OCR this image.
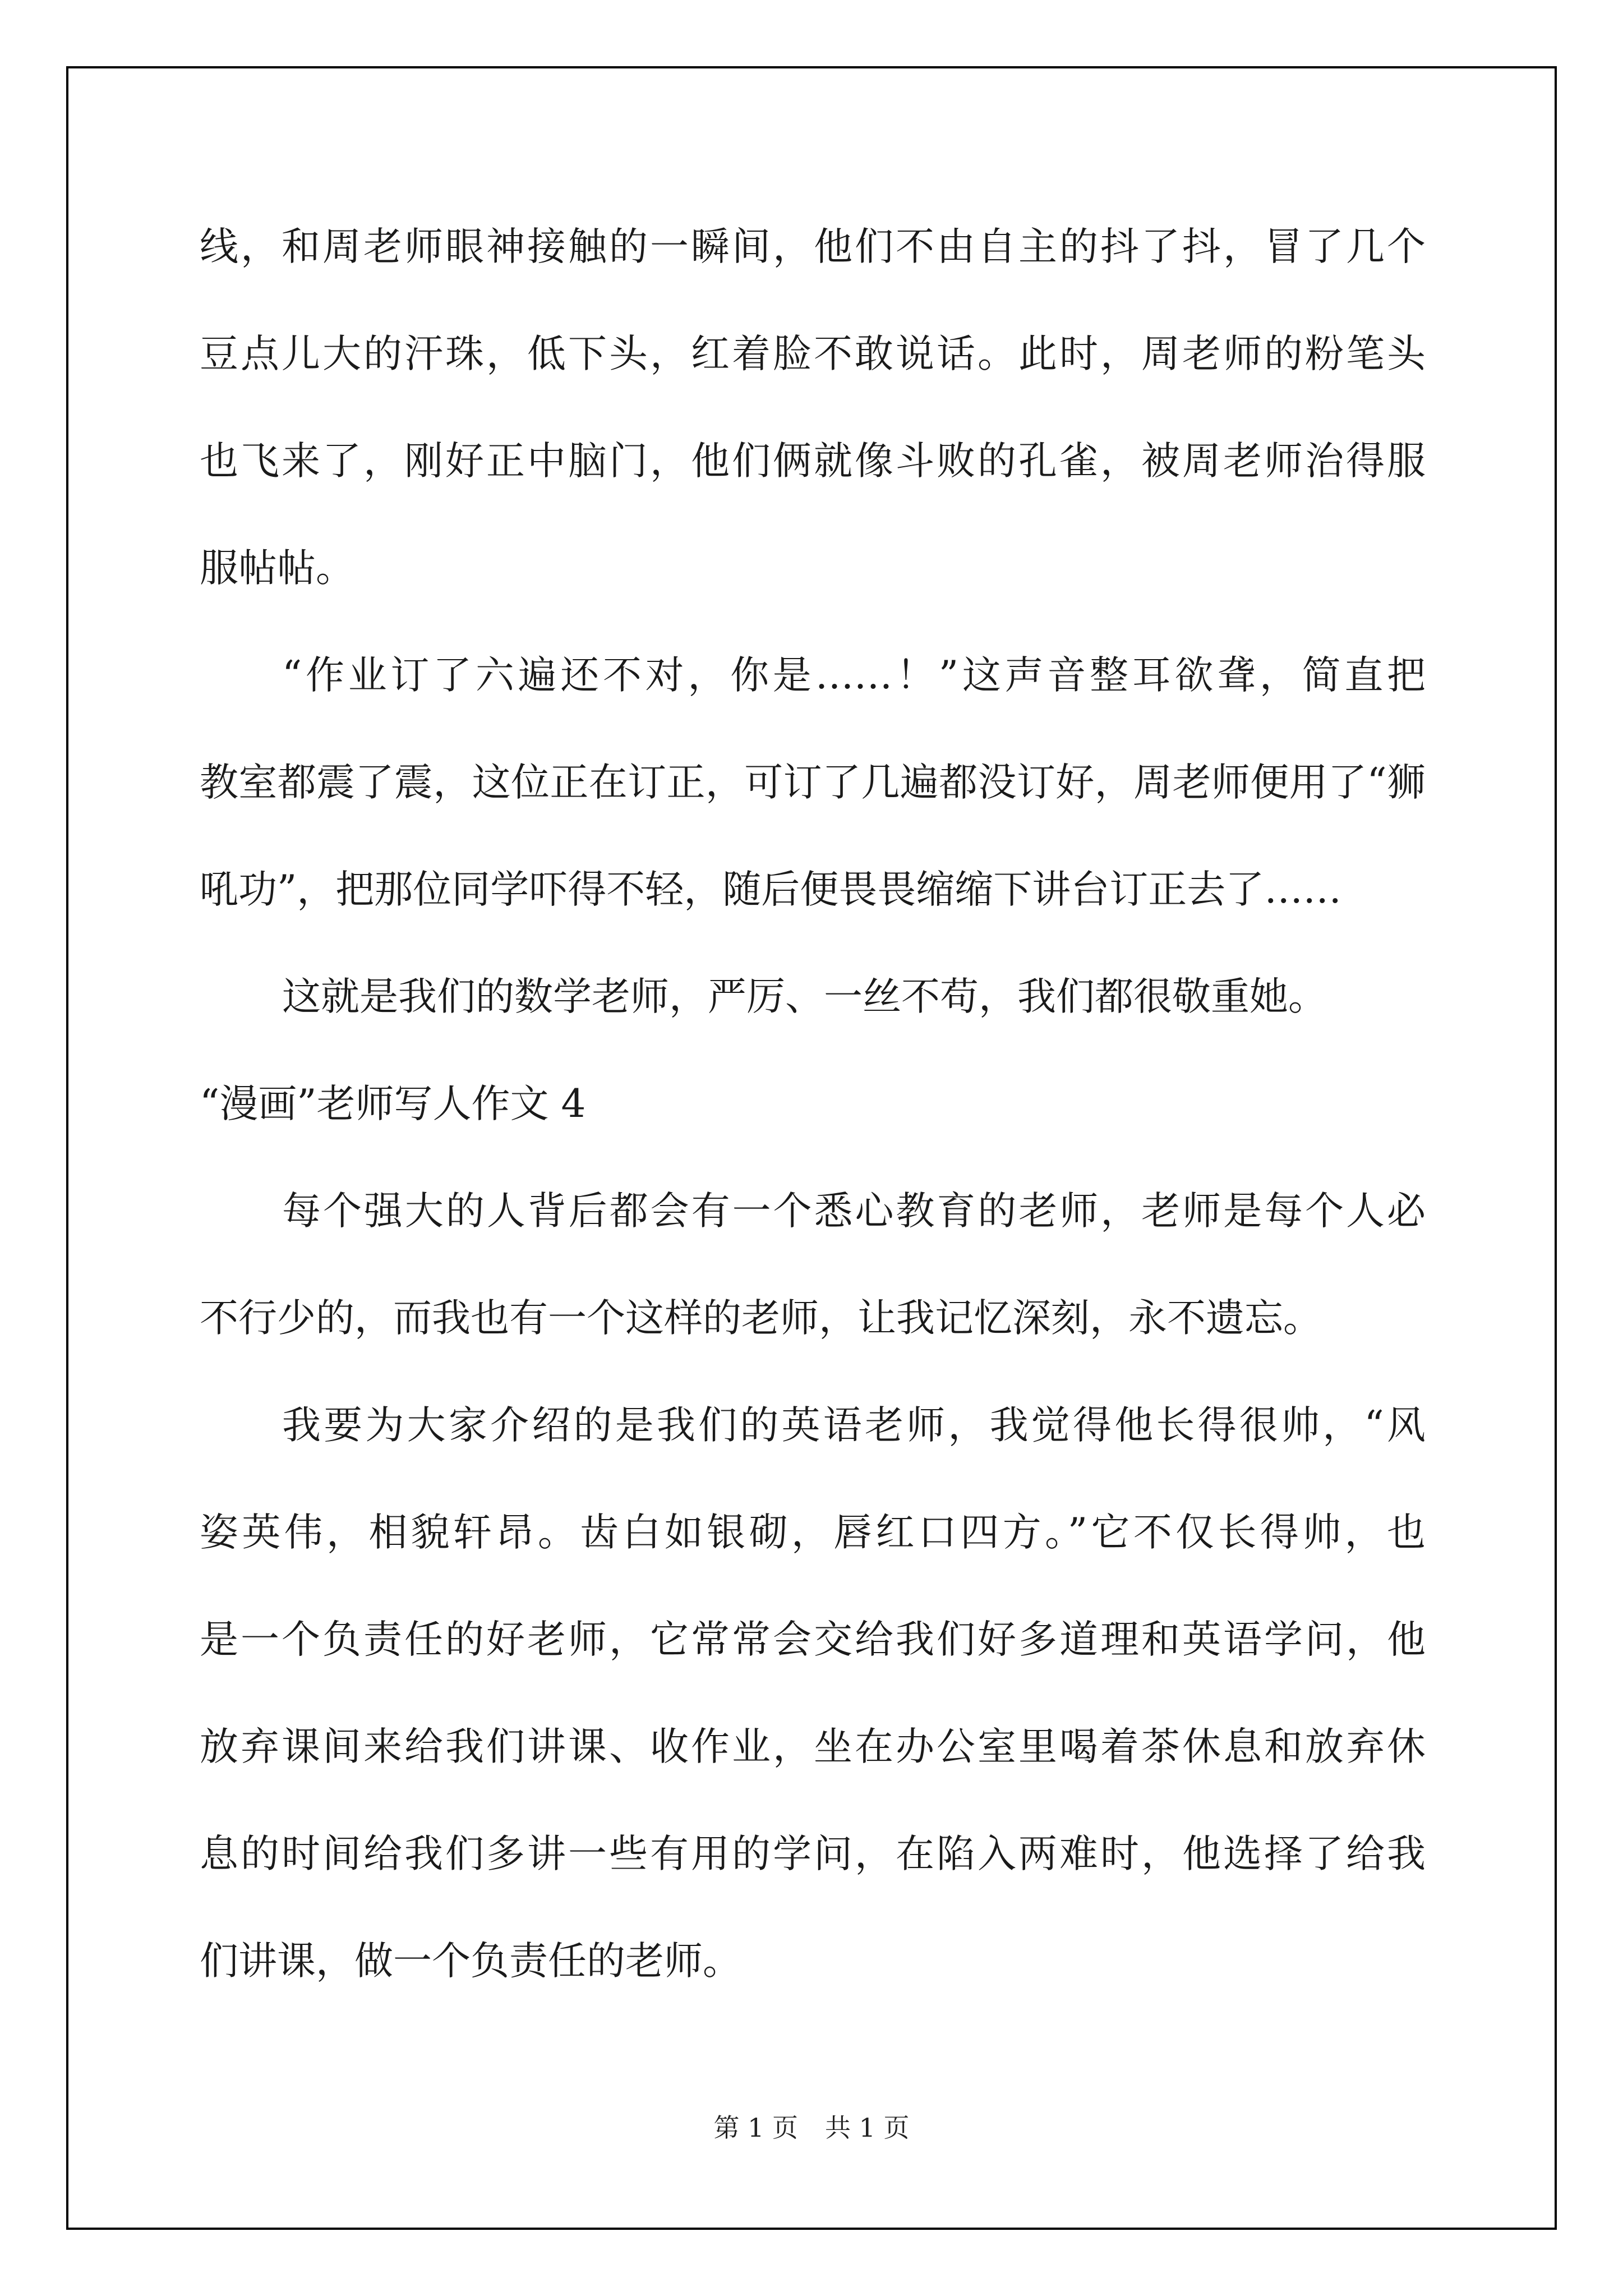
线，和周老师眼神接触的一瞬间，他们不由自主的抖了抖，冒了几个
豆点儿大的汗珠，低下头，红着脸不敢说话。此时，周老师的粉笔头
也飞来了，刚好正中脑门，他们俩就像斗败的孔雀，被周老师治得服
服帖帖。
“作业订了六遍还不对，你是……！”这声音整耳欲聋，简直把
教室都震了震，这位正在订正，可订了几遍都没订好，周老师便用了“狮
吼功”，把那位同学吓得不轻，随后便畏畏缩缩下讲台订正去了……
这就是我们的数学老师，严厉、一丝不苟，我们都很敬重她。
“漫画”老师写人作文 4
每个强大的人背后都会有一个悉心教育的老师，老师是每个人必
不行少的，而我也有一个这样的老师，让我记忆深刻，永不遗忘。
我要为大家介绍的是我们的英语老师，我觉得他长得很帅，“风
姿英伟，相貌轩昂。齿白如银砌，唇红口四方。”它不仅长得帅，也
是一个负责任的好老师，它常常会交给我们好多道理和英语学问，他
放弃课间来给我们讲课、收作业，坐在办公室里喝着茶休息和放弃休
息的时间给我们多讲一些有用的学问，在陷入两难时，他选择了给我
们讲课，做一个负责任的老师。
第 1 页 共 1 页
